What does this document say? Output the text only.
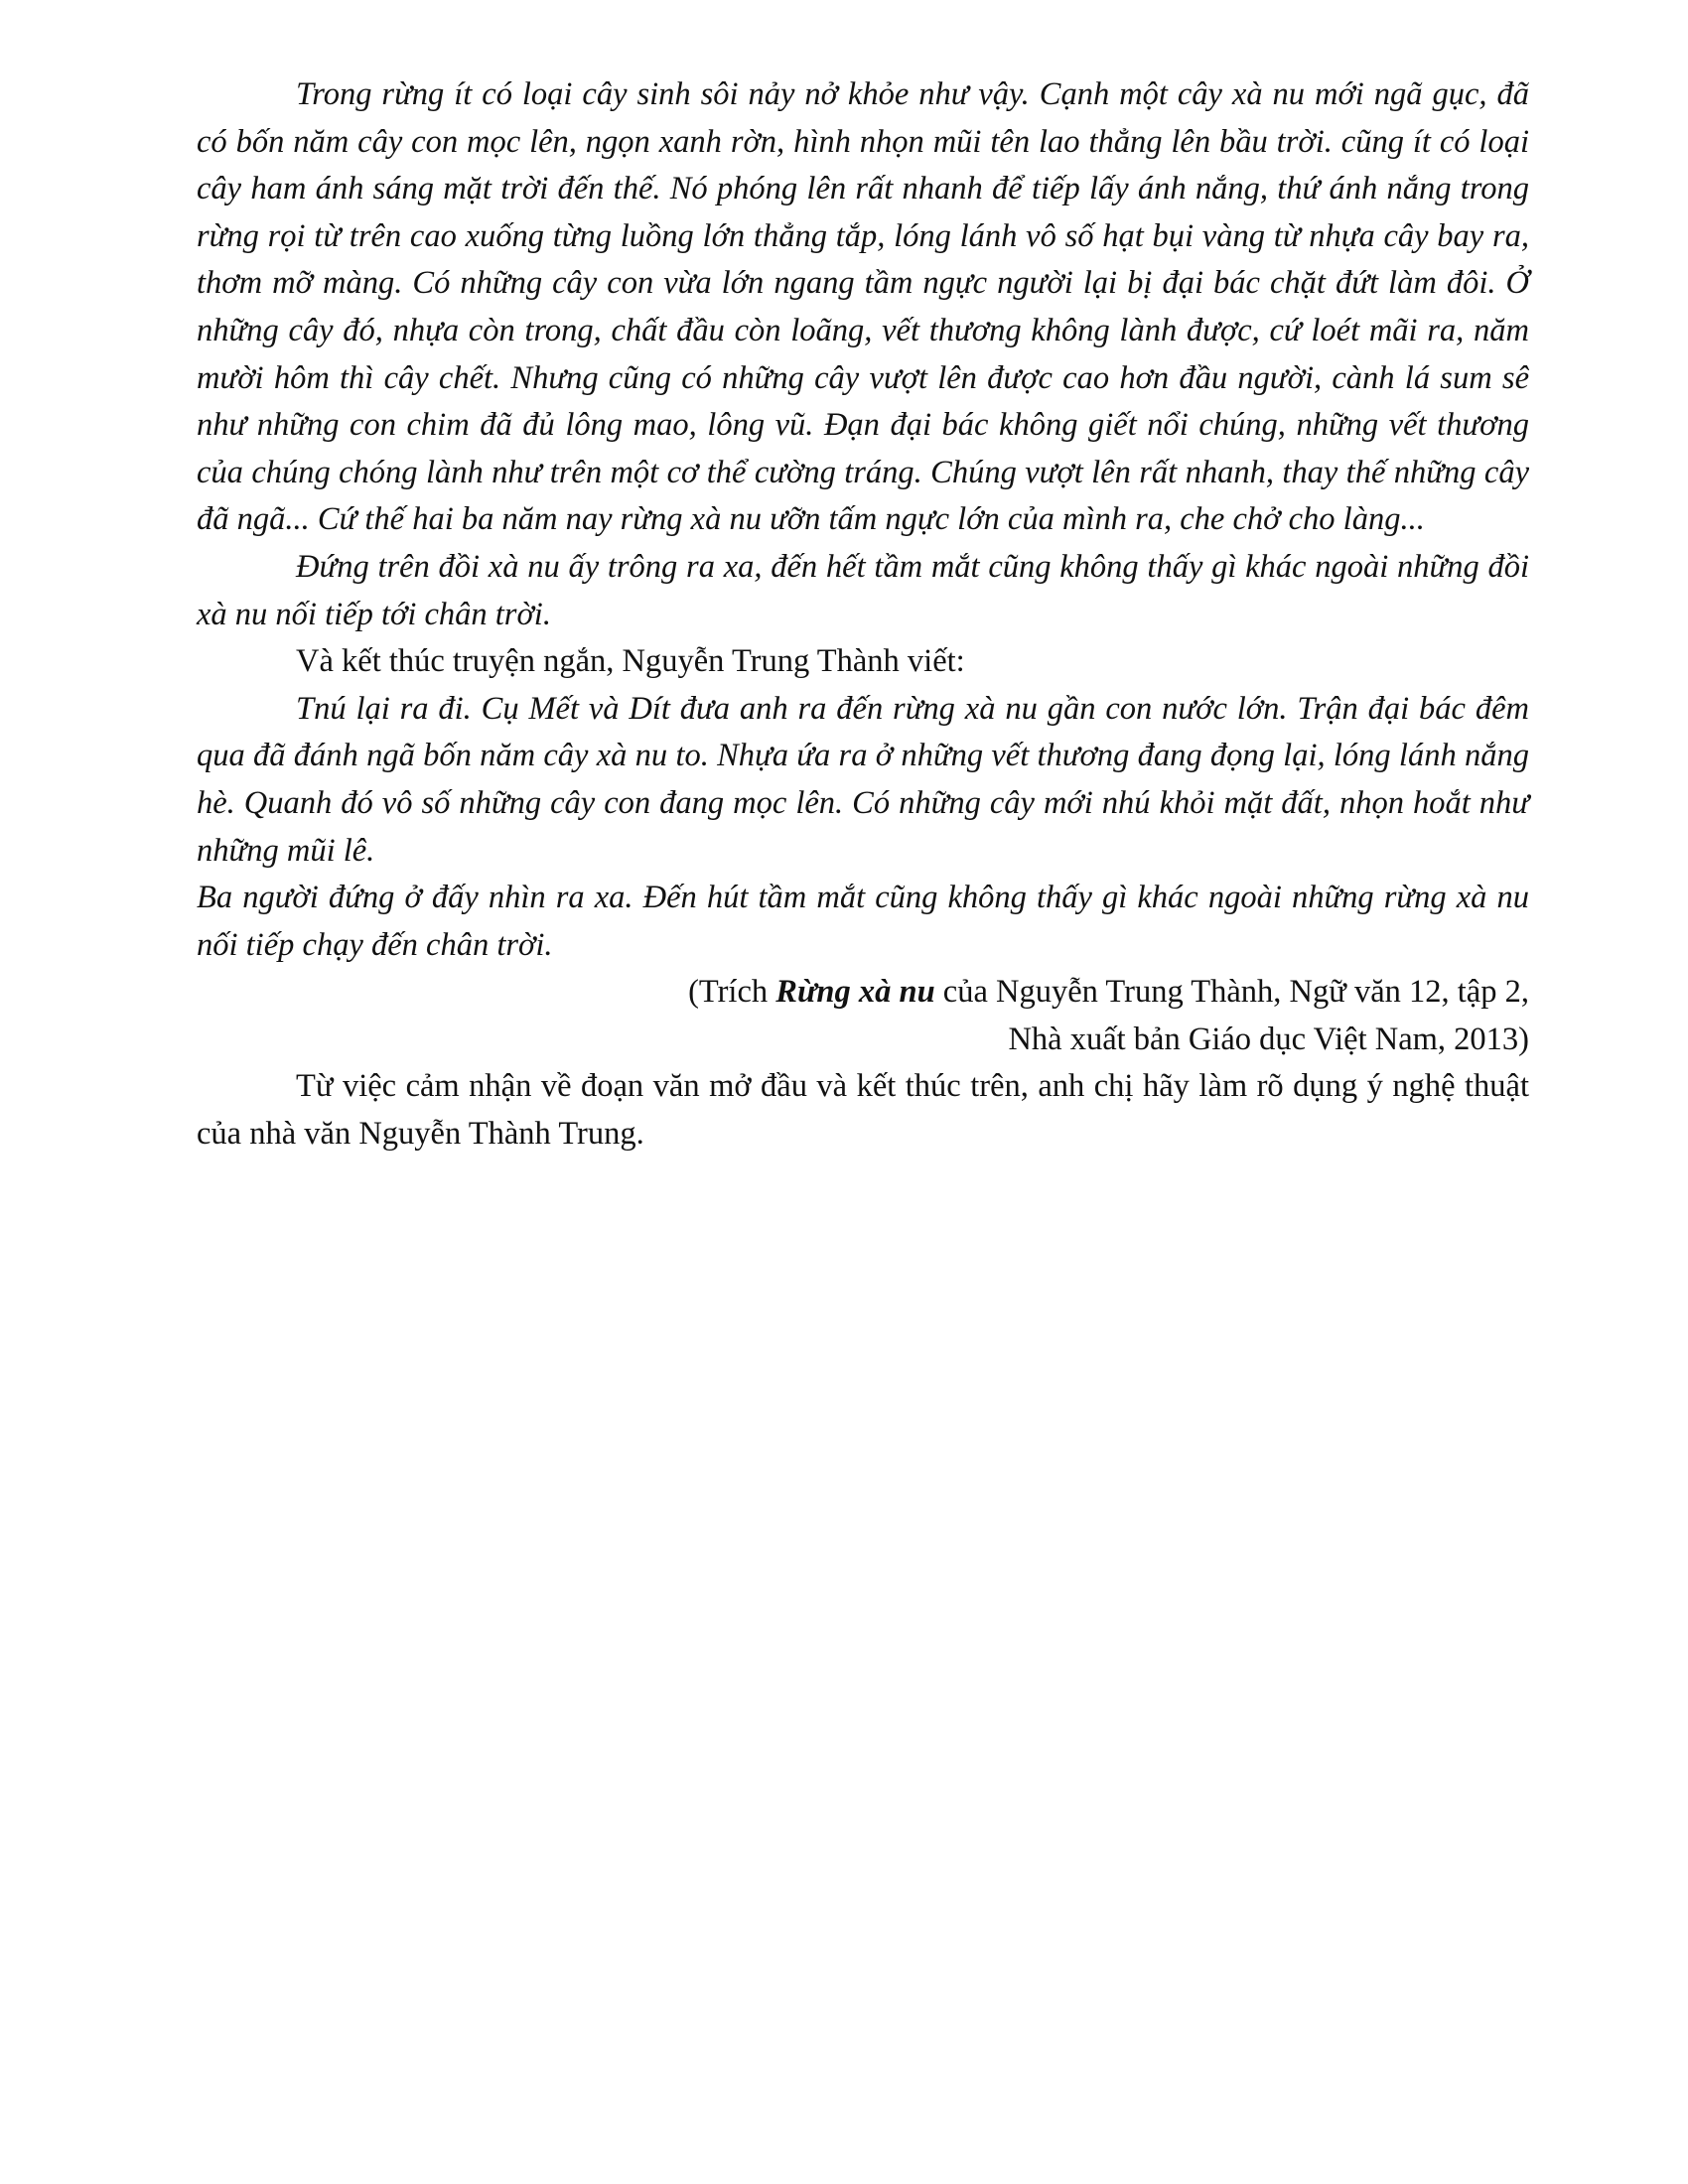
Trong rừng ít có loại cây sinh sôi nảy nở khỏe như vậy. Cạnh một cây xà nu mới ngã gục, đã có bốn năm cây con mọc lên, ngọn xanh rờn, hình nhọn mũi tên lao thẳng lên bầu trời. cũng ít có loại cây ham ánh sáng mặt trời đến thế. Nó phóng lên rất nhanh để tiếp lấy ánh nắng, thứ ánh nắng trong rừng rọi từ trên cao xuống từng luồng lớn thẳng tắp, lóng lánh vô số hạt bụi vàng từ nhựa cây bay ra, thơm mỡ màng. Có những cây con vừa lớn ngang tầm ngực người lại bị đại bác chặt đứt làm đôi. Ở những cây đó, nhựa còn trong, chất đầu còn loãng, vết thương không lành được, cứ loét mãi ra, năm mười hôm thì cây chết. Nhưng cũng có những cây vượt lên được cao hơn đầu người, cành lá sum sê như những con chim đã đủ lông mao, lông vũ. Đạn đại bác không giết nổi chúng, những vết thương của chúng chóng lành như trên một cơ thể cường tráng. Chúng vượt lên rất nhanh, thay thế những cây đã ngã... Cứ thế hai ba năm nay rừng xà nu ưỡn tấm ngực lớn của mình ra, che chở cho làng...

Đứng trên đồi xà nu ấy trông ra xa, đến hết tầm mắt cũng không thấy gì khác ngoài những đồi xà nu nối tiếp tới chân trời.

Và kết thúc truyện ngắn, Nguyễn Trung Thành viết:

Tnú lại ra đi. Cụ Mết và Dít đưa anh ra đến rừng xà nu gần con nước lớn. Trận đại bác đêm qua đã đánh ngã bốn năm cây xà nu to. Nhựa ứa ra ở những vết thương đang đọng lại, lóng lánh nắng hè. Quanh đó vô số những cây con đang mọc lên. Có những cây mới nhú khỏi mặt đất, nhọn hoắt như những mũi lê.

Ba người đứng ở đấy nhìn ra xa. Đến hút tầm mắt cũng không thấy gì khác ngoài những rừng xà nu nối tiếp chạy đến chân trời.

(Trích Rừng xà nu của Nguyễn Trung Thành, Ngữ văn 12, tập 2,
Nhà xuất bản Giáo dục Việt Nam, 2013)

Từ việc cảm nhận về đoạn văn mở đầu và kết thúc trên, anh chị hãy làm rõ dụng ý nghệ thuật của nhà văn Nguyễn Thành Trung.
